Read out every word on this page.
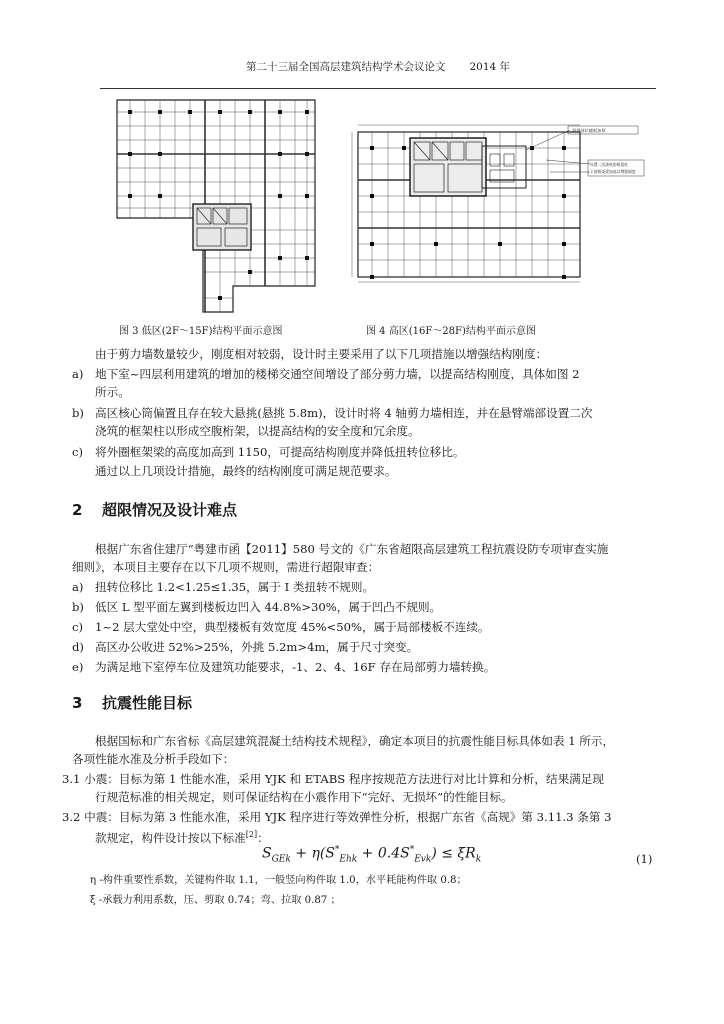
第二十三届全国高层建筑结构学术会议论文 2014 年
悬挑部位楼板加厚
设置二次浇筑的框架柱
下部框架梁加高以增强刚度
图 3 低区(2F～15F)结构平面示意图	图 4 高区(16F～28F)结构平面示意图
由于剪力墙数量较少，刚度相对较弱，设计时主要采用了以下几项措施以增强结构刚度：
a) 地下室~四层利用建筑的增加的楼梯交通空间增设了部分剪力墙，以提高结构刚度，具体如图 2
所示。
b) 高区核心筒偏置且存在较大悬挑(悬挑 5.8m)，设计时将 4 轴剪力墙相连，并在悬臂端部设置二次
浇筑的框架柱以形成空腹桁架，以提高结构的安全度和冗余度。
c) 将外圈框架梁的高度加高到 1150，可提高结构刚度并降低扭转位移比。
通过以上几项设计措施，最终的结构刚度可满足规范要求。
2 超限情况及设计难点
根据广东省住建厅“粤建市函【2011】580 号文的《广东省超限高层建筑工程抗震设防专项审查实施
细则》，本项目主要存在以下几项不规则，需进行超限审查：
a) 扭转位移比 1.2<1.25≤1.35，属于 I 类扭转不规则。
b) 低区 L 型平面左翼到楼板边凹入 44.8%>30%，属于凹凸不规则。
c) 1~2 层大堂处中空，典型楼板有效宽度 45%<50%，属于局部楼板不连续。
d) 高区办公收进 52%>25%，外挑 5.2m>4m，属于尺寸突变。
e) 为满足地下室停车位及建筑功能要求，-1、2、4、16F 存在局部剪力墙转换。
3 抗震性能目标
根据国标和广东省标《高层建筑混凝土结构技术规程》，确定本项目的抗震性能目标具体如表 1 所示，
各项性能水准及分析手段如下：
3.1 小震：目标为第 1 性能水准，采用 YJK 和 ETABS 程序按规范方法进行对比计算和分析，结果满足现
行规范标准的相关规定，则可保证结构在小震作用下“完好、无损坏”的性能目标。
3.2 中震：目标为第 3 性能水准，采用 YJK 程序进行等效弹性分析，根据广东省《高规》第 3.11.3 条第 3
款规定，构件设计按以下标准[2]：
$S_{GEk} + \eta(S^*_{Ehk} + 0.4S^*_{Evk}) \le \xi R_k$	(1)
η -构件重要性系数，关键构件取 1.1，一般竖向构件取 1.0，水平耗能构件取 0.8；
ξ -承载力利用系数，压、剪取 0.74；弯、拉取 0.87 ；
